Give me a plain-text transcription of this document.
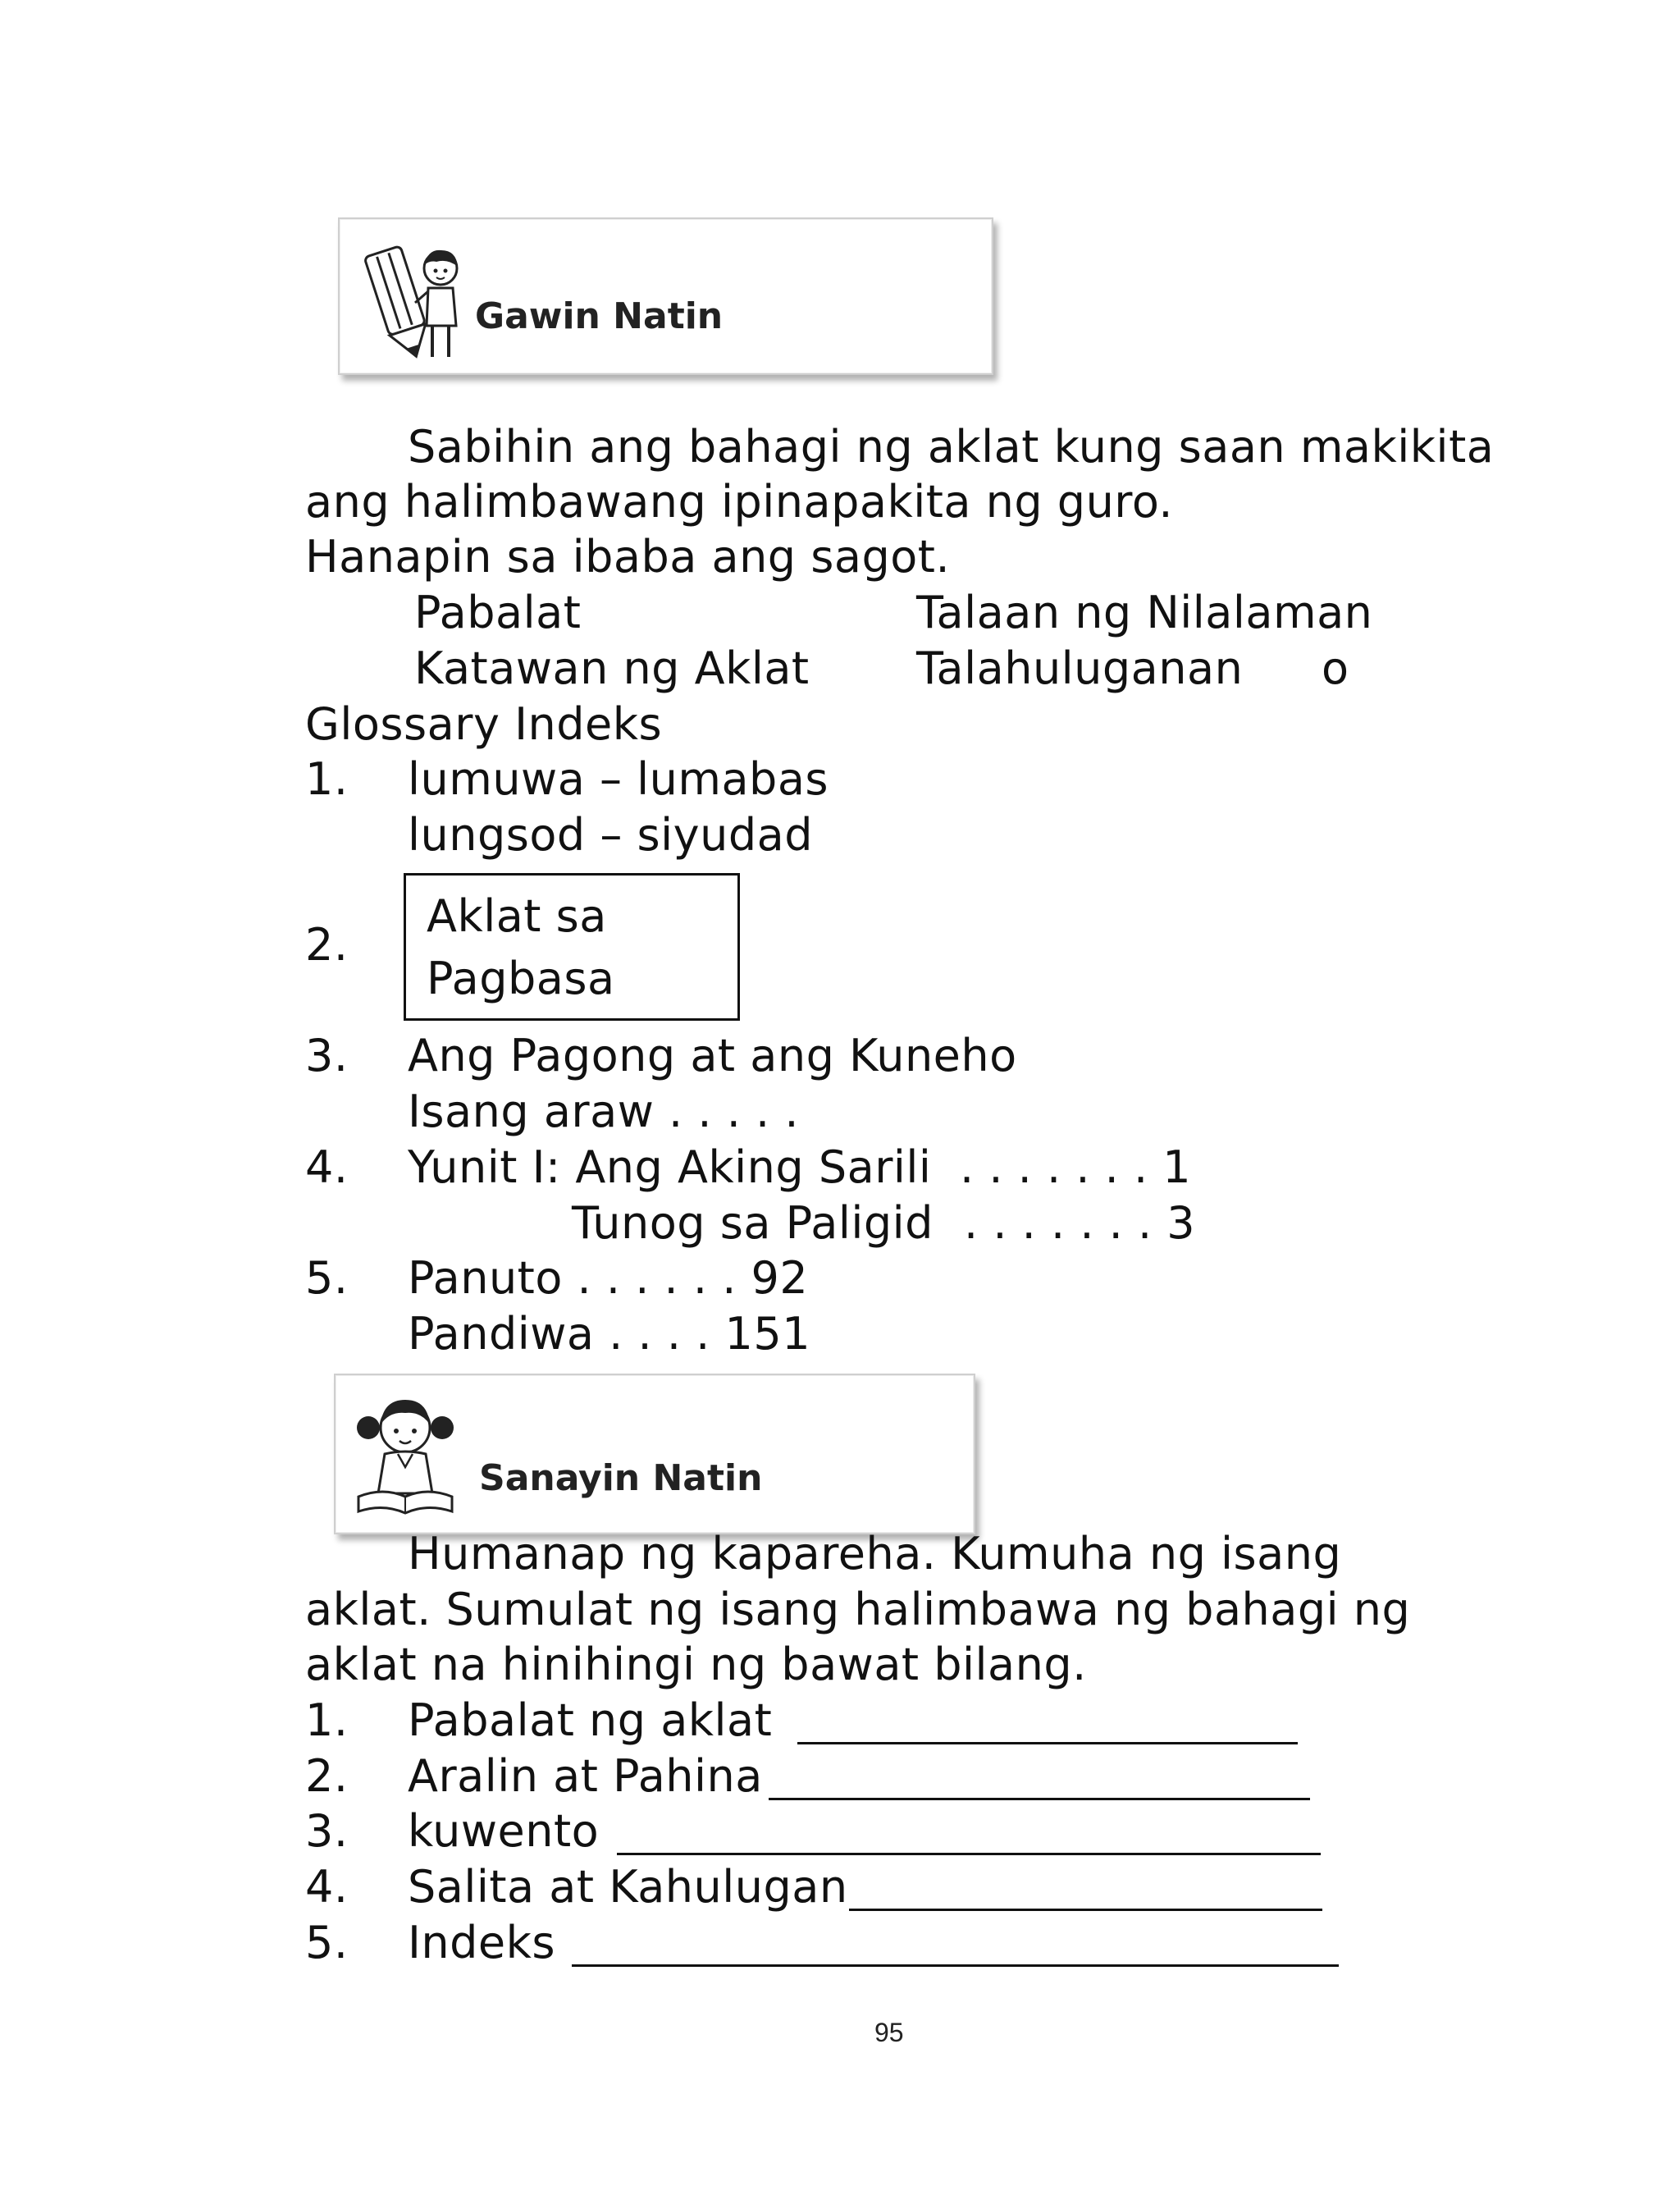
Gawin Natin
Sabihin ang bahagi ng aklat kung saan makikita
ang halimbawang ipinapakita ng guro.
Hanapin sa ibaba ang sagot.
Pabalat	Talaan ng Nilalaman
Katawan ng Aklat Talahuluganan o
Glossary Indeks
1. lumuwa – lumabas
lungsod – siyudad
2.
Aklat sa
Pagbasa
3. Ang Pagong at ang Kuneho
Isang araw . . . . .
4. Yunit I: Ang Aking Sarili . . . . . . . 1
Tunog sa Paligid . . . . . . . 3
5. Panuto . . . . . . 92
Pandiwa . . . . 151
Sanayin Natin
Humanap ng kapareha. Kumuha ng isang
aklat. Sumulat ng isang halimbawa ng bahagi ng
aklat na hinihingi ng bawat bilang.
1. Pabalat ng aklat
2. Aralin at Pahina
3. kuwento
4. Salita at Kahulugan
5. Indeks
95
